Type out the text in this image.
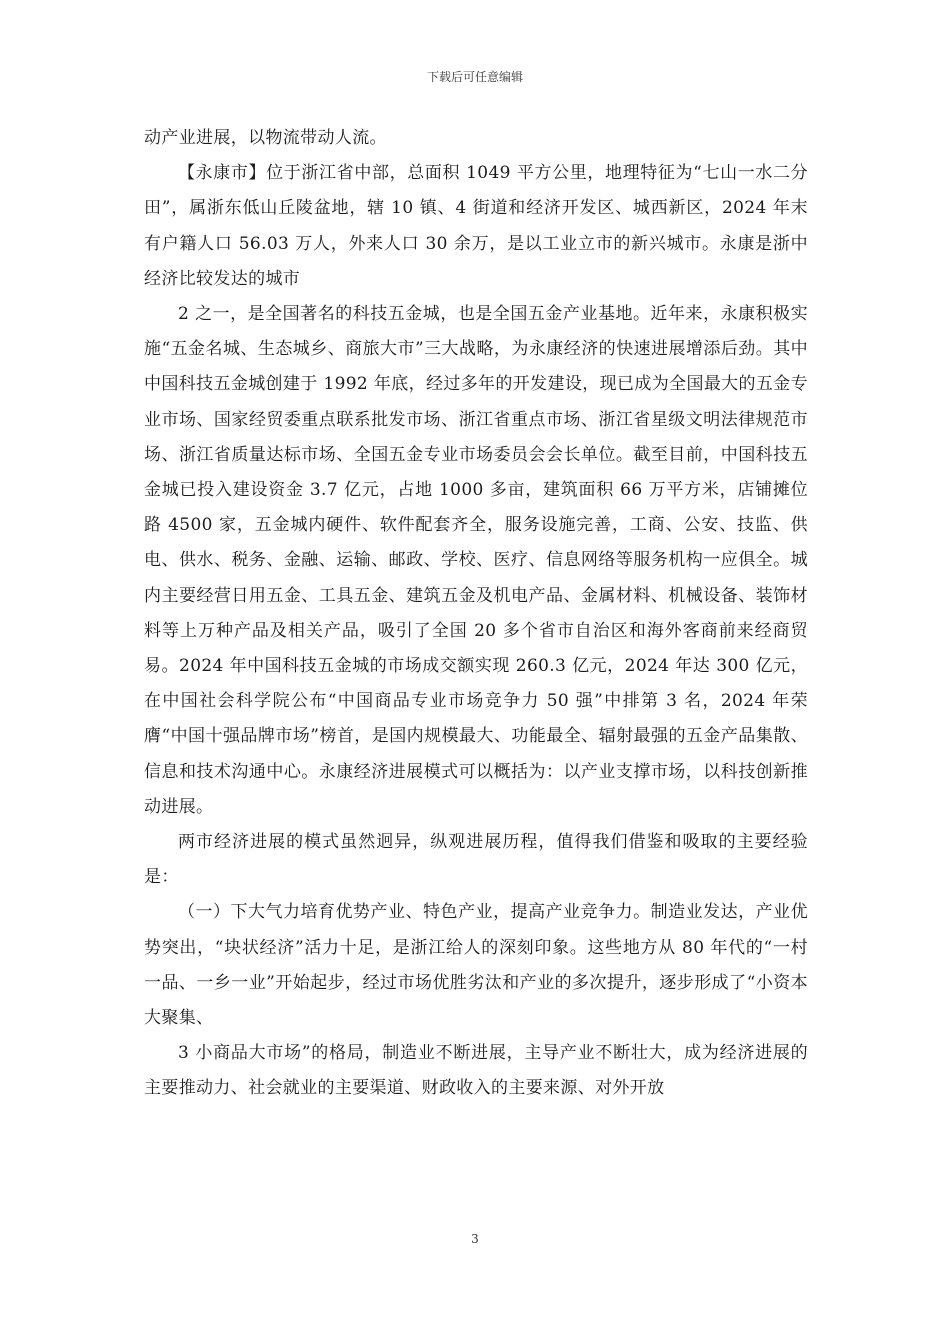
下载后可任意编辑

动产业进展，以物流带动人流。

【永康市】位于浙江省中部，总面积 1049 平方公里，地理特征为“七山一水二分田”，属浙东低山丘陵盆地，辖 10 镇、4 街道和经济开发区、城西新区，2024 年末有户籍人口 56.03 万人，外来人口 30 余万，是以工业立市的新兴城市。永康是浙中经济比较发达的城市

2 之一，是全国著名的科技五金城，也是全国五金产业基地。近年来，永康积极实施“五金名城、生态城乡、商旅大市”三大战略，为永康经济的快速进展增添后劲。其中中国科技五金城创建于 1992 年底，经过多年的开发建设，现已成为全国最大的五金专业市场、国家经贸委重点联系批发市场、浙江省重点市场、浙江省星级文明法律规范市场、浙江省质量达标市场、全国五金专业市场委员会会长单位。截至目前，中国科技五金城已投入建设资金 3.7 亿元，占地 1000 多亩，建筑面积 66 万平方米，店铺摊位路 4500 家，五金城内硬件、软件配套齐全，服务设施完善，工商、公安、技监、供电、供水、税务、金融、运输、邮政、学校、医疗、信息网络等服务机构一应俱全。城内主要经营日用五金、工具五金、建筑五金及机电产品、金属材料、机械设备、装饰材料等上万种产品及相关产品，吸引了全国 20 多个省市自治区和海外客商前来经商贸易。2024 年中国科技五金城的市场成交额实现 260.3 亿元，2024 年达 300 亿元，在中国社会科学院公布“中国商品专业市场竞争力 50 强”中排第 3 名，2024 年荣膺“中国十强品牌市场”榜首，是国内规模最大、功能最全、辐射最强的五金产品集散、信息和技术沟通中心。永康经济进展模式可以概括为：以产业支撑市场，以科技创新推动进展。

两市经济进展的模式虽然迥异，纵观进展历程，值得我们借鉴和吸取的主要经验是：

（一）下大气力培育优势产业、特色产业，提高产业竞争力。制造业发达，产业优势突出，“块状经济”活力十足，是浙江给人的深刻印象。这些地方从 80 年代的“一村一品、一乡一业”开始起步，经过市场优胜劣汰和产业的多次提升，逐步形成了“小资本大聚集、

3 小商品大市场”的格局，制造业不断进展，主导产业不断壮大，成为经济进展的主要推动力、社会就业的主要渠道、财政收入的主要来源、对外开放

3
